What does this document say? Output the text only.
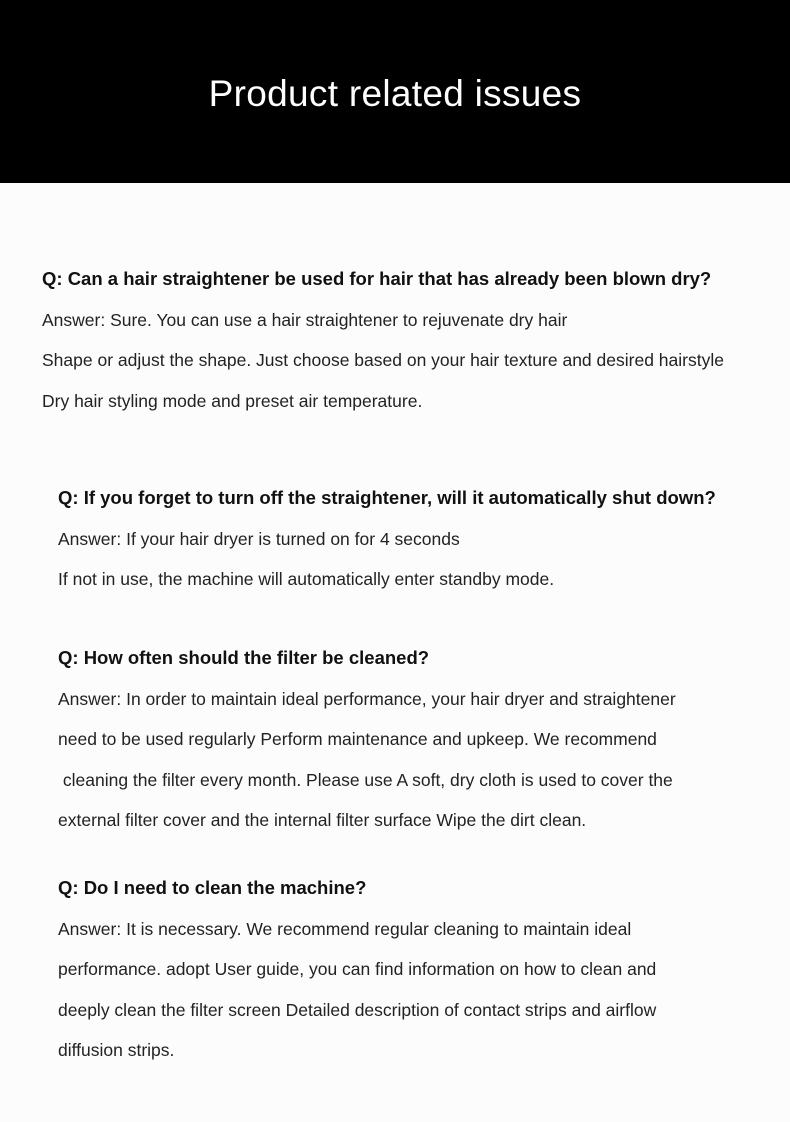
Product related issues
Q: Can a hair straightener be used for hair that has already been blown dry?
Answer: Sure. You can use a hair straightener to rejuvenate dry hair
Shape or adjust the shape. Just choose based on your hair texture and desired hairstyle
Dry hair styling mode and preset air temperature.
Q: If you forget to turn off the straightener, will it automatically shut down?
Answer: If your hair dryer is turned on for 4 seconds
If not in use, the machine will automatically enter standby mode.
Q: How often should the filter be cleaned?
Answer: In order to maintain ideal performance, your hair dryer and straightener
need to be used regularly Perform maintenance and upkeep. We recommend
cleaning the filter every month. Please use A soft, dry cloth is used to cover the
external filter cover and the internal filter surface Wipe the dirt clean.
Q: Do I need to clean the machine?
Answer: It is necessary. We recommend regular cleaning to maintain ideal
performance. adopt User guide, you can find information on how to clean and
deeply clean the filter screen Detailed description of contact strips and airflow
diffusion strips.
